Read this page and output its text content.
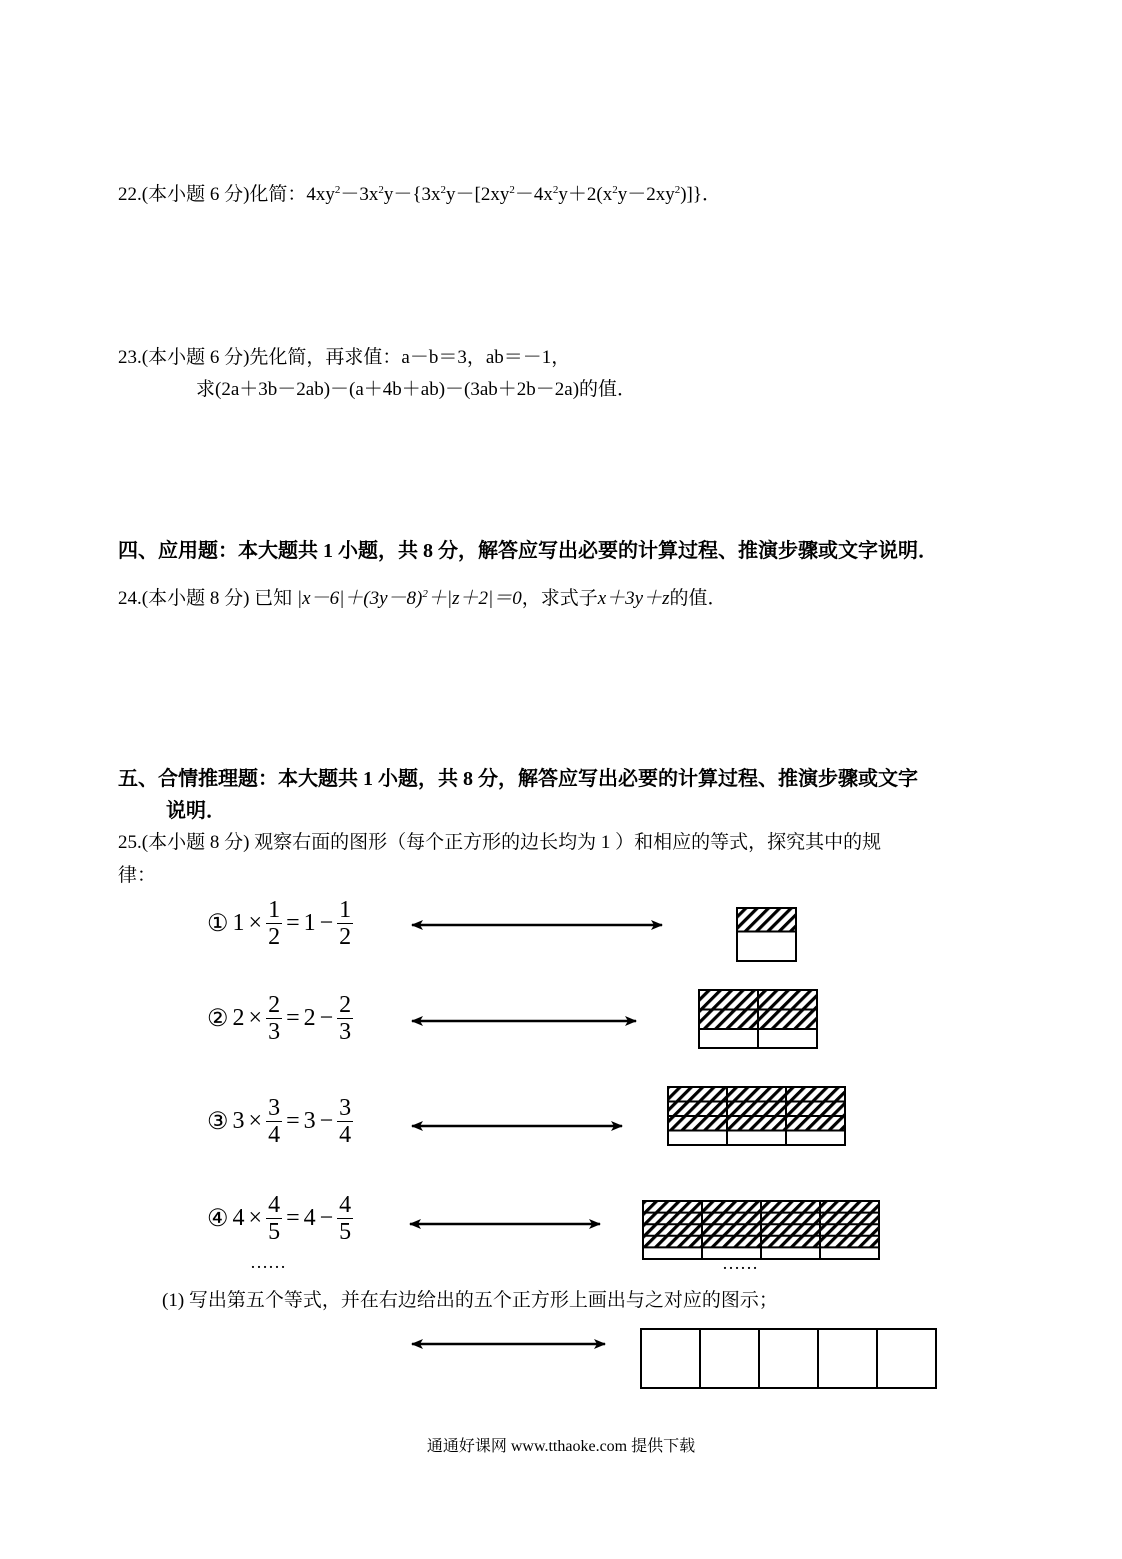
22.(本小题 6 分)化简：$4xy^2-3x^2y-\{3x^2y-[2xy^2-4x^2y+2(x^2y-2xy^2)]\}$．
23.(本小题 6 分)先化简，再求值：a－b＝3，ab＝－1，
求(2a＋3b－2ab)－(a＋4b＋ab)－(3ab＋2b－2a)的值．
四、应用题：本大题共 1 小题，共 8 分，解答应写出必要的计算过程、推演步骤或文字说明．
24.(本小题 8 分) 已知 $|x-6|+(3y-8)^2+|z+2|=0$，求式子x＋3y＋z的值．
五、合情推理题：本大题共 1 小题，共 8 分，解答应写出必要的计算过程、推演步骤或文字
说明．
25.(本小题 8 分) 观察右面的图形（每个正方形的边长均为 1 ）和相应的等式，探究其中的规
律：
① $1 \times \frac{1}{2} = 1 - \frac{1}{2}$
② $2 \times \frac{2}{3} = 2 - \frac{2}{3}$
③ $3 \times \frac{3}{4} = 3 - \frac{3}{4}$
④ $4 \times \frac{4}{5} = 4 - \frac{4}{5}$
……	……
(1) 写出第五个等式，并在右边给出的五个正方形上画出与之对应的图示；
通通好课网 www.tthaoke.com 提供下载
